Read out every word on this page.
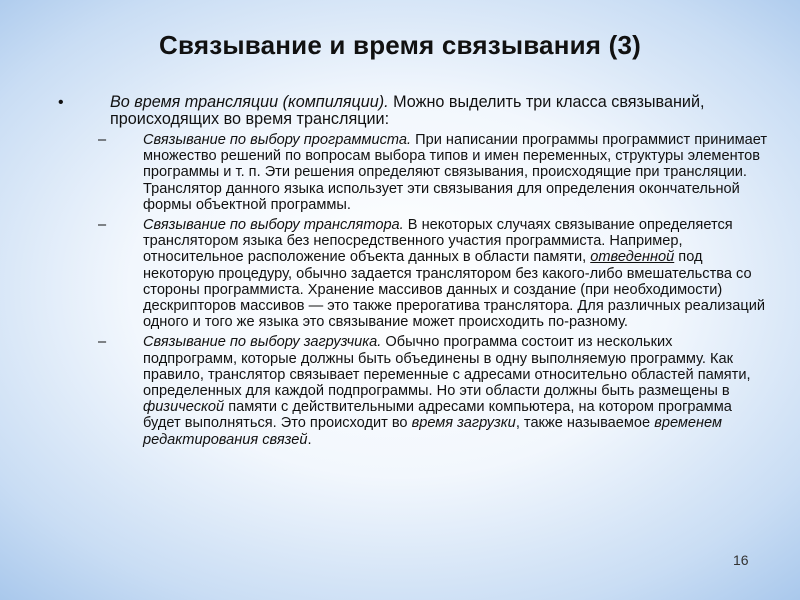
Связывание и время связывания (3)
•	Во время трансляции (компиляции). Можно выделить три класса связываний, происходящих во время трансляции:
–	Связывание по выбору программиста. При написании программы программист принимает множество решений по вопросам выбора типов и имен переменных, структуры элементов программы и т. п. Эти решения определяют связывания, происходящие при трансляции. Транслятор данного языка использует эти связывания для определения окончательной формы объектной программы.
–	Связывание по выбору транслятора. В некоторых случаях связывание определяется транслятором языка без непосредственного участия программиста. Например, относительное расположение объекта данных в области памяти, отведенной под некоторую процедуру, обычно задается транслятором без какого-либо вмешательства со стороны программиста. Хранение массивов данных и создание (при необходимости) дескрипторов массивов — это также прерогатива транслятора. Для различных реализаций одного и того же языка это связывание может происходить по-разному.
–	Связывание по выбору загрузчика. Обычно программа состоит из нескольких подпрограмм, которые должны быть объединены в одну выполняемую программу. Как правило, транслятор связывает переменные с адресами относительно областей памяти, определенных для каждой подпрограммы. Но эти области должны быть размещены в физической памяти с действительными адресами компьютера, на котором программа будет выполняться. Это происходит во время загрузки, также называемое временем редактирования связей.
16
